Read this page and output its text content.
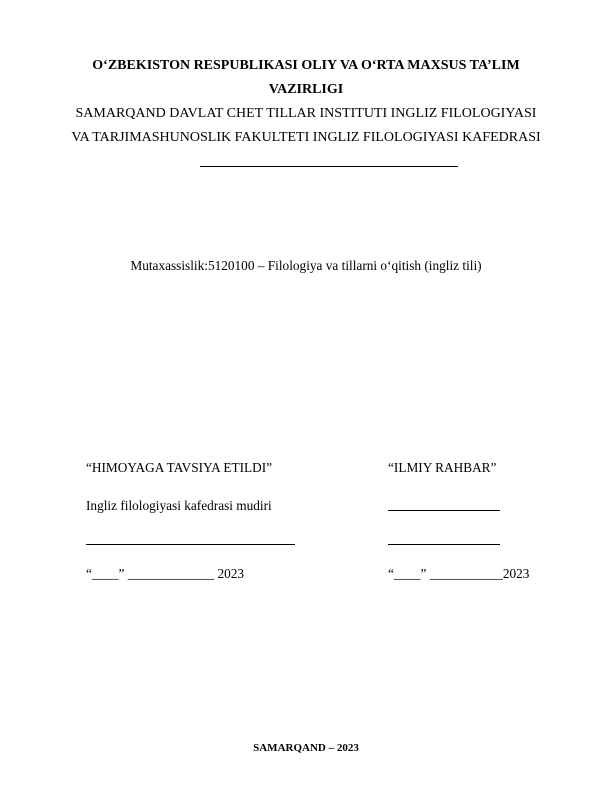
O‘ZBEKISTON RESPUBLIKASI OLIY VA O‘RTA MAXSUS TA’LIM
VAZIRLIGI
SAMARQAND DAVLAT CHET TILLAR INSTITUTI INGLIZ FILOLOGIYASI
VA TARJIMASHUNOSLIK FAKULTETI INGLIZ FILOLOGIYASI KAFEDRASI
Mutaxassislik:5120100 – Filologiya va tillarni o‘qitish (ingliz tili)
“HIMOYAGA TAVSIYA ETILDI”
Ingliz filologiyasi kafedrasi mudiri
“____” _____________ 2023
“ILMIY RAHBAR”
“____” ___________2023
SAMARQAND – 2023
